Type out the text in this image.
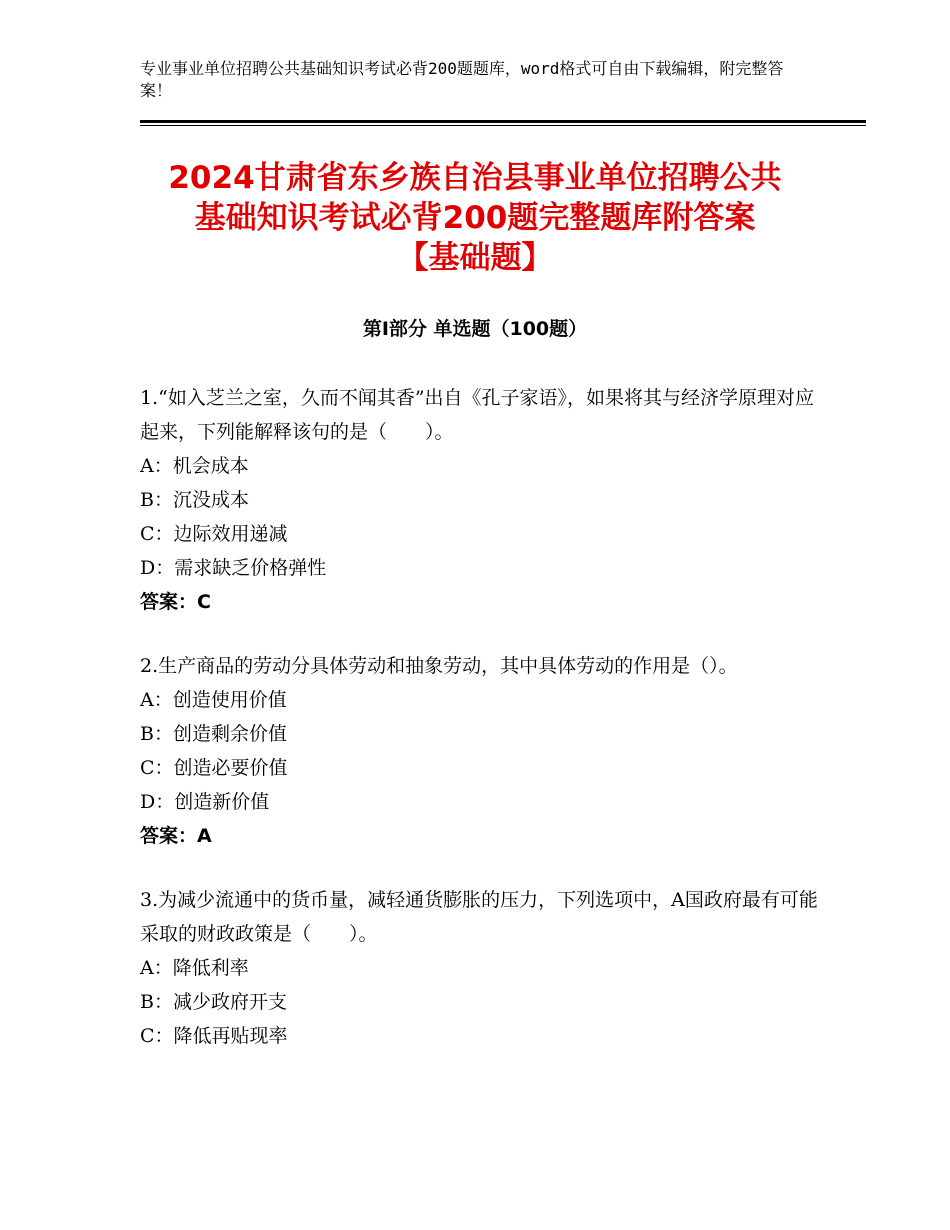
专业事业单位招聘公共基础知识考试必背200题题库，word格式可自由下载编辑，附完整答案！
2024甘肃省东乡族自治县事业单位招聘公共
基础知识考试必背200题完整题库附答案
【基础题】
第Ⅰ部分 单选题（100题）
1.“如入芝兰之室，久而不闻其香”出自《孔子家语》，如果将其与经济学原理对应起来，下列能解释该句的是（　　）。
A：机会成本
B：沉没成本
C：边际效用递减
D：需求缺乏价格弹性
答案：C
2.生产商品的劳动分具体劳动和抽象劳动，其中具体劳动的作用是（）。
A：创造使用价值
B：创造剩余价值
C：创造必要价值
D：创造新价值
答案：A
3.为减少流通中的货币量，减轻通货膨胀的压力，下列选项中，A国政府最有可能采取的财政政策是（　　）。
A：降低利率
B：减少政府开支
C：降低再贴现率
